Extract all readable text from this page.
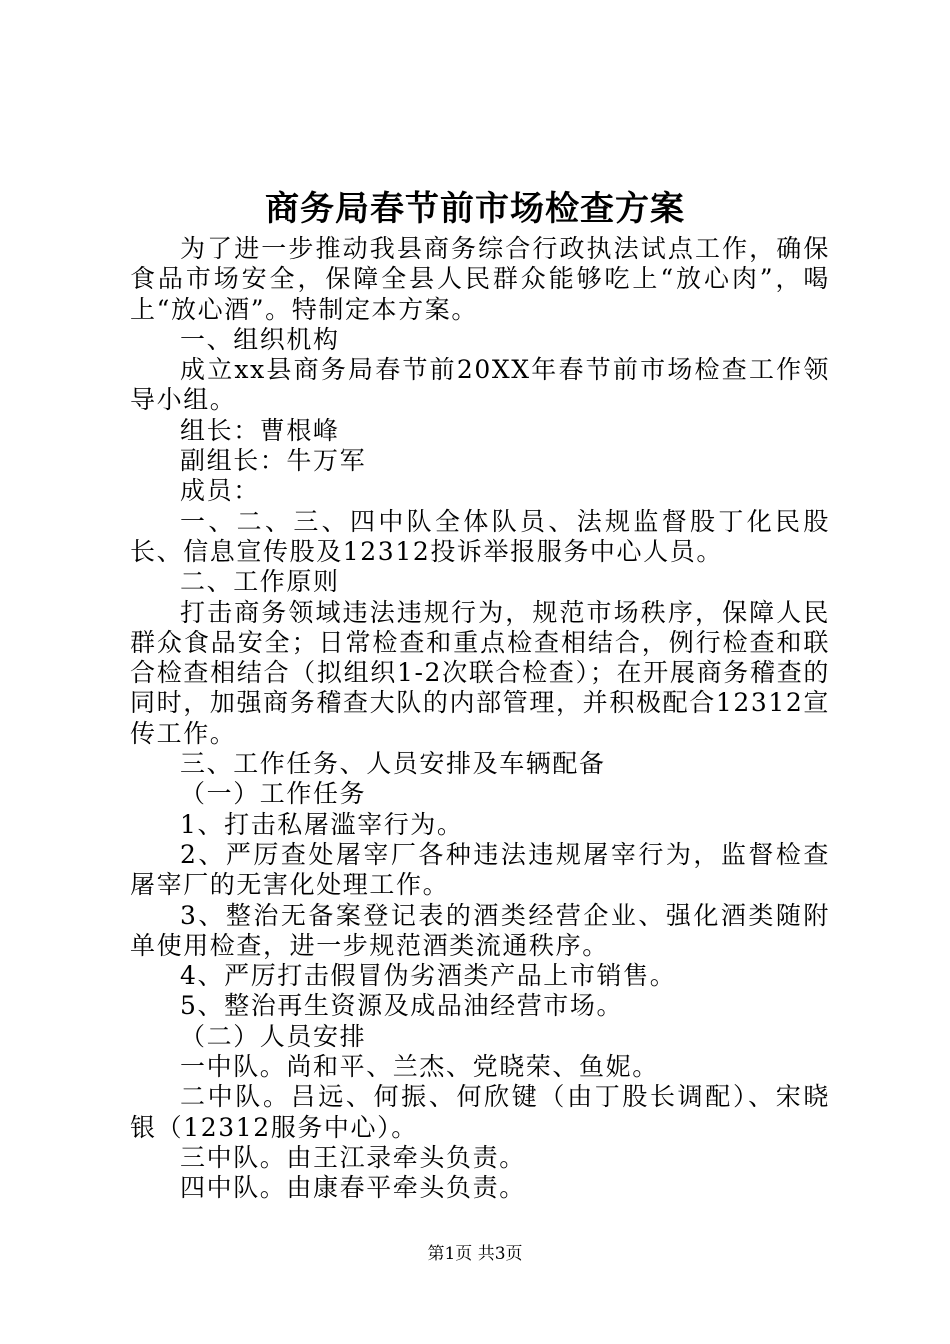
商务局春节前市场检查方案

为了进一步推动我县商务综合行政执法试点工作，确保食品市场安全，保障全县人民群众能够吃上“放心肉”，喝上“放心酒”。特制定本方案。

一、组织机构

成立xx县商务局春节前20XX年春节前市场检查工作领导小组。

组长：曹根峰

副组长：牛万军

成员：

一、二、三、四中队全体队员、法规监督股丁化民股长、信息宣传股及12312投诉举报服务中心人员。

二、工作原则

打击商务领域违法违规行为，规范市场秩序，保障人民群众食品安全；日常检查和重点检查相结合，例行检查和联合检查相结合（拟组织1-2次联合检查）；在开展商务稽查的同时，加强商务稽查大队的内部管理，并积极配合12312宣传工作。

三、工作任务、人员安排及车辆配备

（一）工作任务

1、打击私屠滥宰行为。

2、严厉查处屠宰厂各种违法违规屠宰行为，监督检查屠宰厂的无害化处理工作。

3、整治无备案登记表的酒类经营企业、强化酒类随附单使用检查，进一步规范酒类流通秩序。

4、严厉打击假冒伪劣酒类产品上市销售。

5、整治再生资源及成品油经营市场。

（二）人员安排

一中队。尚和平、兰杰、党晓荣、鱼妮。

二中队。吕远、何振、何欣键（由丁股长调配）、宋晓银（12312服务中心）。

三中队。由王江录牵头负责。

四中队。由康春平牵头负责。

第1页 共3页
